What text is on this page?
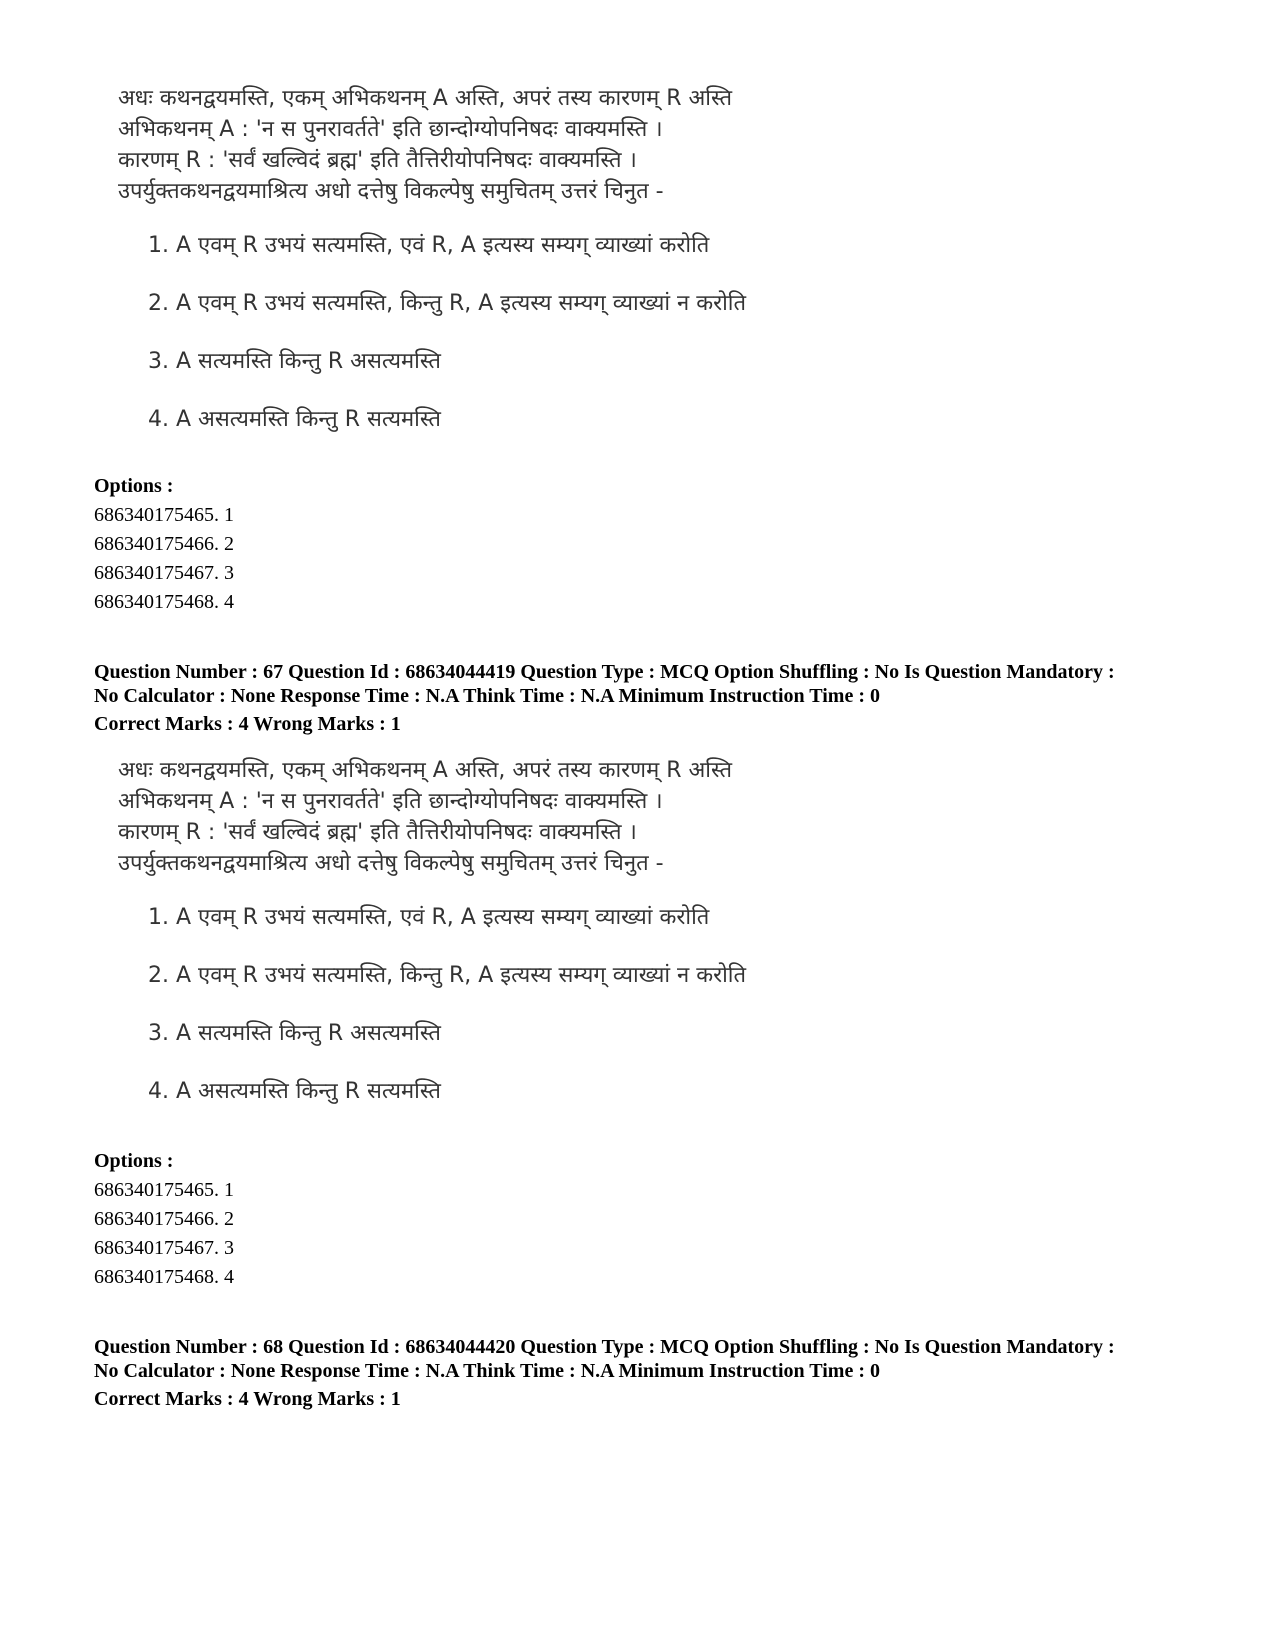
अधः कथनद्वयमस्ति, एकम् अभिकथनम् A अस्ति, अपरं तस्य कारणम् R अस्ति
अभिकथनम् A : 'न स पुनरावर्तते' इति छान्दोग्योपनिषदः वाक्यमस्ति ।
कारणम् R : 'सर्वं खल्विदं ब्रह्म' इति तैत्तिरीयोपनिषदः वाक्यमस्ति ।
उपर्युक्तकथनद्वयमाश्रित्य अधो दत्तेषु विकल्पेषु समुचितम् उत्तरं चिनुत -
1. A एवम् R उभयं सत्यमस्ति, एवं R, A इत्यस्य सम्यग् व्याख्यां करोति
2. A एवम् R उभयं सत्यमस्ति, किन्तु R, A इत्यस्य सम्यग् व्याख्यां न करोति
3. A सत्यमस्ति किन्तु R असत्यमस्ति
4. A असत्यमस्ति किन्तु R सत्यमस्ति
Options :
686340175465. 1
686340175466. 2
686340175467. 3
686340175468. 4
Question Number : 67 Question Id : 68634044419 Question Type : MCQ Option Shuffling : No Is Question Mandatory :
No Calculator : None Response Time : N.A Think Time : N.A Minimum Instruction Time : 0
Correct Marks : 4 Wrong Marks : 1
अधः कथनद्वयमस्ति, एकम् अभिकथनम् A अस्ति, अपरं तस्य कारणम् R अस्ति
अभिकथनम् A : 'न स पुनरावर्तते' इति छान्दोग्योपनिषदः वाक्यमस्ति ।
कारणम् R : 'सर्वं खल्विदं ब्रह्म' इति तैत्तिरीयोपनिषदः वाक्यमस्ति ।
उपर्युक्तकथनद्वयमाश्रित्य अधो दत्तेषु विकल्पेषु समुचितम् उत्तरं चिनुत -
1. A एवम् R उभयं सत्यमस्ति, एवं R, A इत्यस्य सम्यग् व्याख्यां करोति
2. A एवम् R उभयं सत्यमस्ति, किन्तु R, A इत्यस्य सम्यग् व्याख्यां न करोति
3. A सत्यमस्ति किन्तु R असत्यमस्ति
4. A असत्यमस्ति किन्तु R सत्यमस्ति
Options :
686340175465. 1
686340175466. 2
686340175467. 3
686340175468. 4
Question Number : 68 Question Id : 68634044420 Question Type : MCQ Option Shuffling : No Is Question Mandatory :
No Calculator : None Response Time : N.A Think Time : N.A Minimum Instruction Time : 0
Correct Marks : 4 Wrong Marks : 1
